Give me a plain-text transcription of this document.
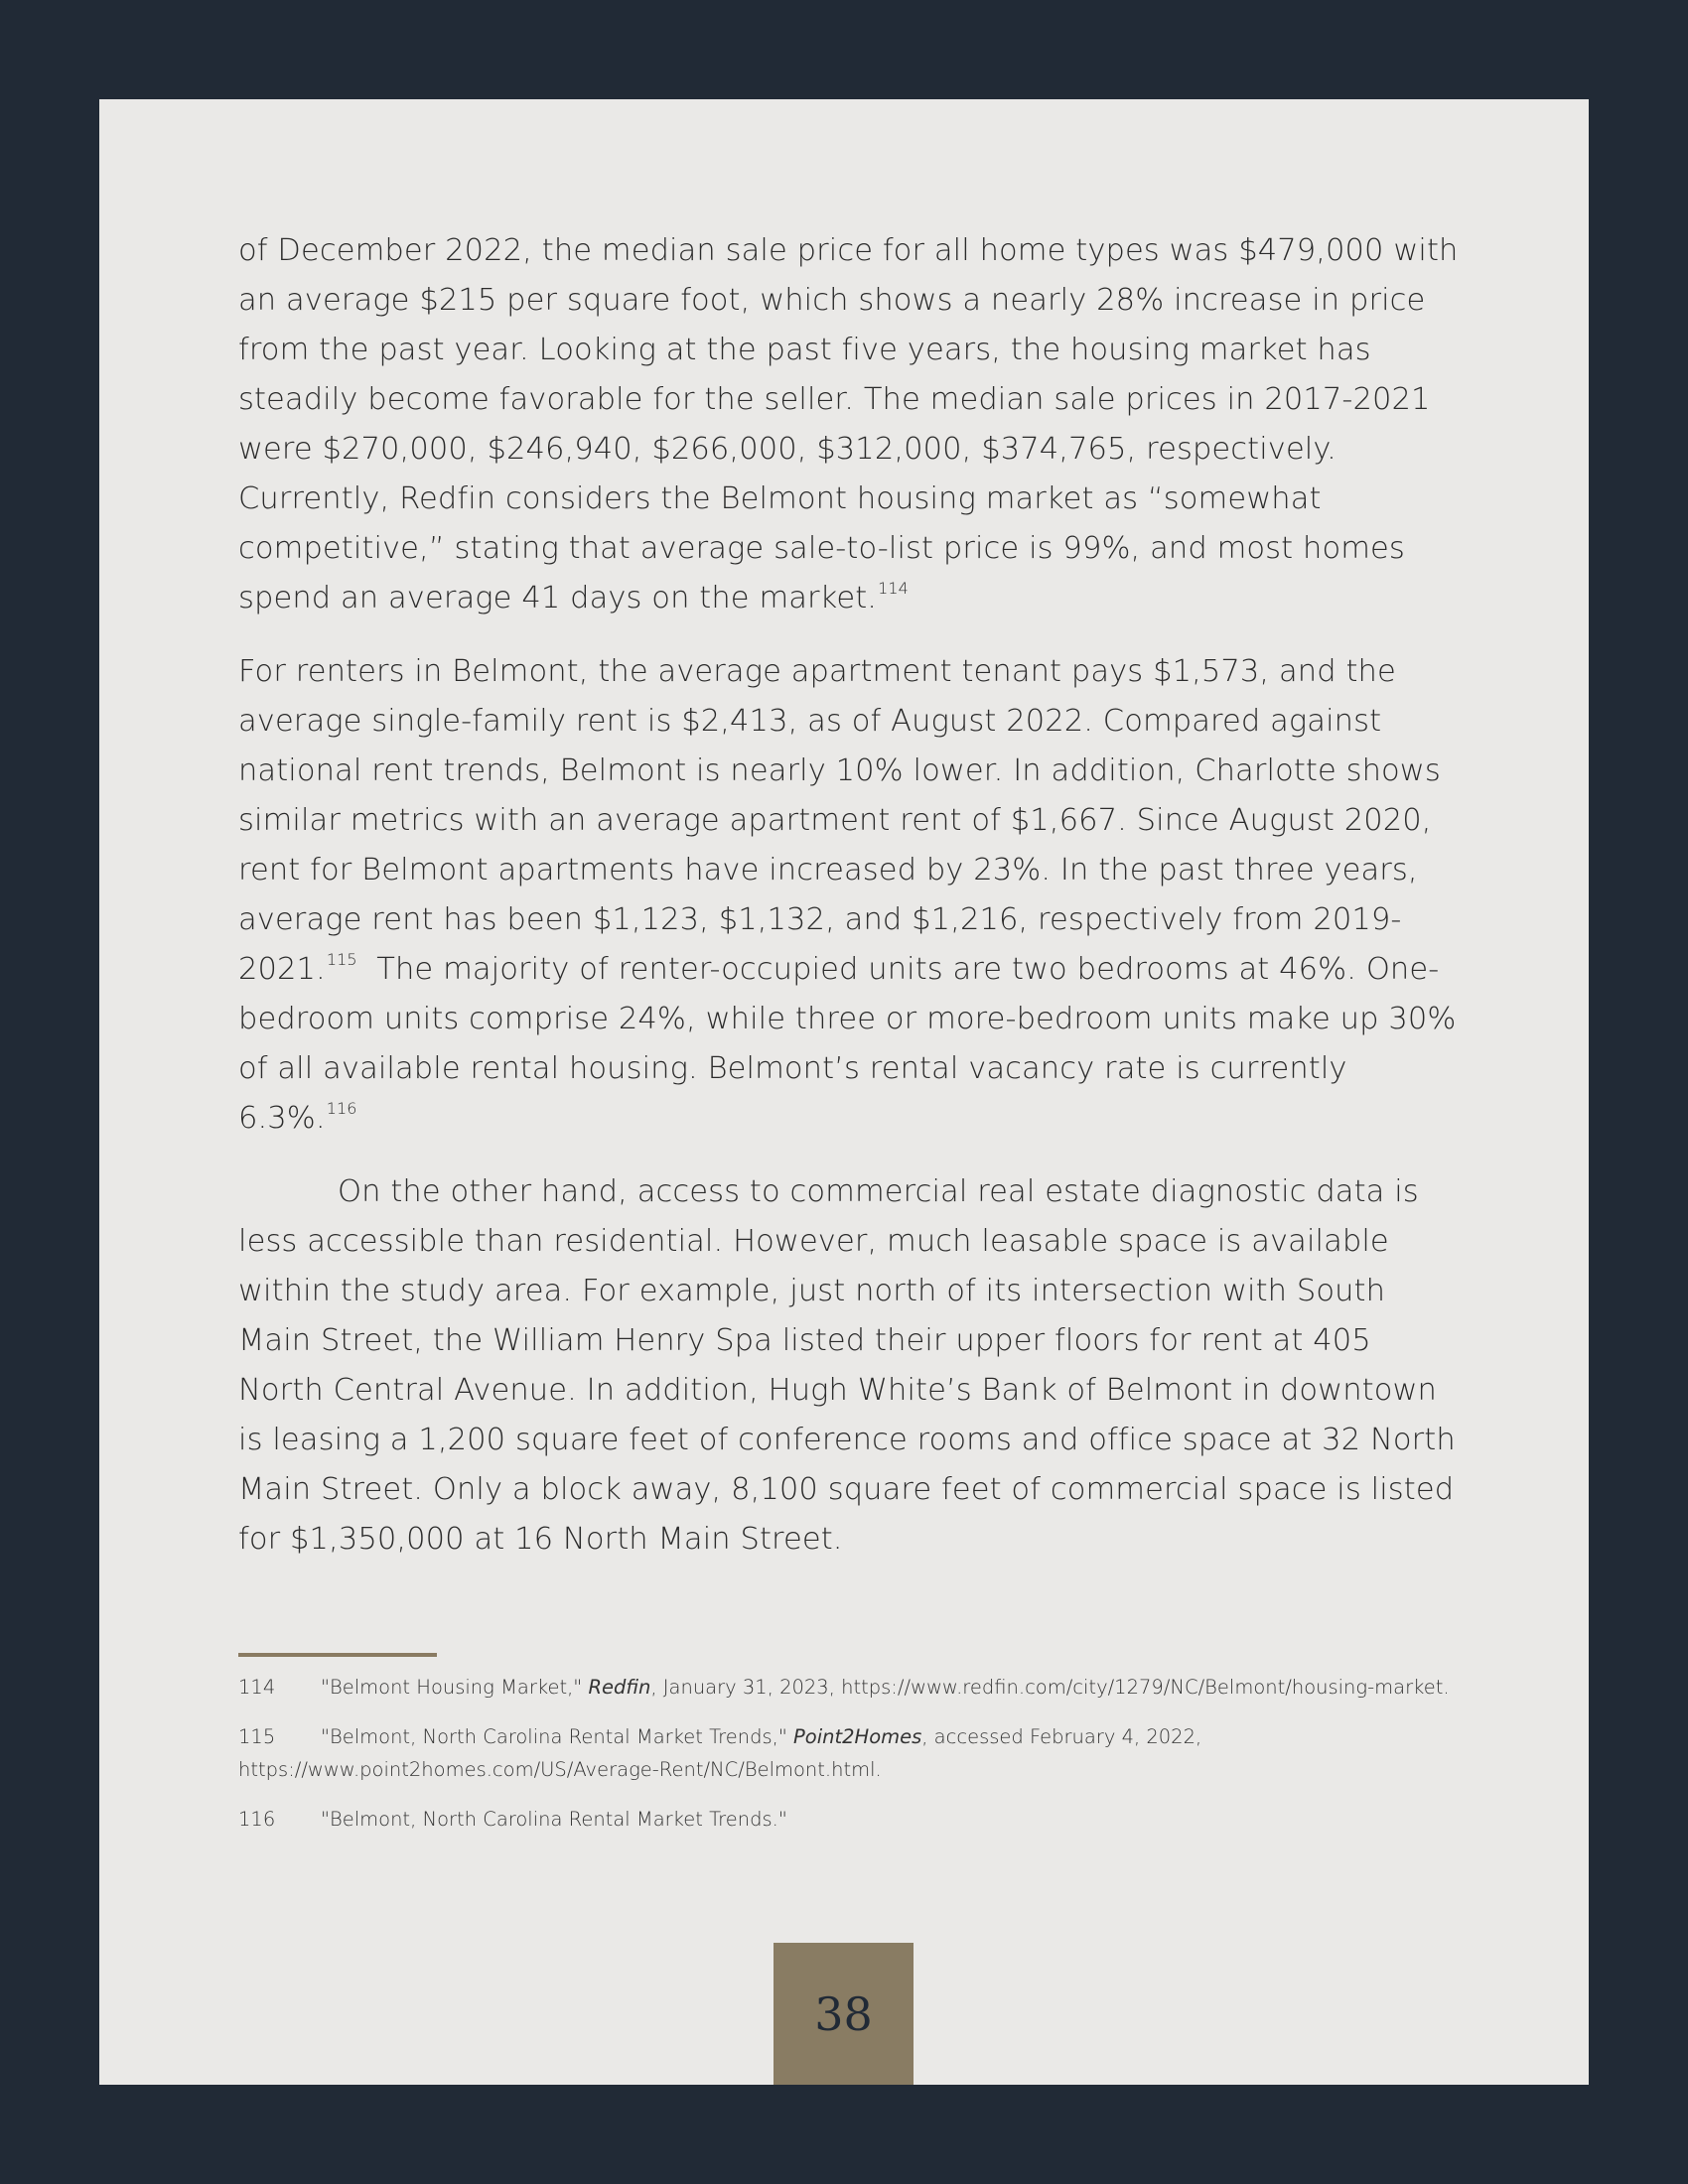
of December 2022, the median sale price for all home types was $479,000 with an average $215 per square foot, which shows a nearly 28% increase in price from the past year. Looking at the past five years, the housing market has steadily become favorable for the seller. The median sale prices in 2017-2021 were $270,000, $246,940, $266,000, $312,000, $374,765, respectively. Currently, Redfin considers the Belmont housing market as “somewhat competitive,” stating that average sale-to-list price is 99%, and most homes spend an average 41 days on the market.$^{114}$

For renters in Belmont, the average apartment tenant pays $1,573, and the average single-family rent is $2,413, as of August 2022. Compared against national rent trends, Belmont is nearly 10% lower. In addition, Charlotte shows similar metrics with an average apartment rent of $1,667. Since August 2020, rent for Belmont apartments have increased by 23%. In the past three years, average rent has been $1,123, $1,132, and $1,216, respectively from 2019-2021.$^{115}$  The majority of renter-occupied units are two bedrooms at 46%. One-bedroom units comprise 24%, while three or more-bedroom units make up 30% of all available rental housing. Belmont’s rental vacancy rate is currently 6.3%.$^{116}$

On the other hand, access to commercial real estate diagnostic data is less accessible than residential. However, much leasable space is available within the study area. For example, just north of its intersection with South Main Street, the William Henry Spa listed their upper floors for rent at 405 North Central Avenue. In addition, Hugh White’s Bank of Belmont in downtown is leasing a 1,200 square feet of conference rooms and office space at 32 North Main Street. Only a block away, 8,100 square feet of commercial space is listed for $1,350,000 at 16 North Main Street.

114 "Belmont Housing Market," Redfin, January 31, 2023, https://www.redfin.com/city/1279/NC/Belmont/housing-market.

115 "Belmont, North Carolina Rental Market Trends," Point2Homes, accessed February 4, 2022, https://www.point2homes.com/US/Average-Rent/NC/Belmont.html.

116 "Belmont, North Carolina Rental Market Trends."

38
